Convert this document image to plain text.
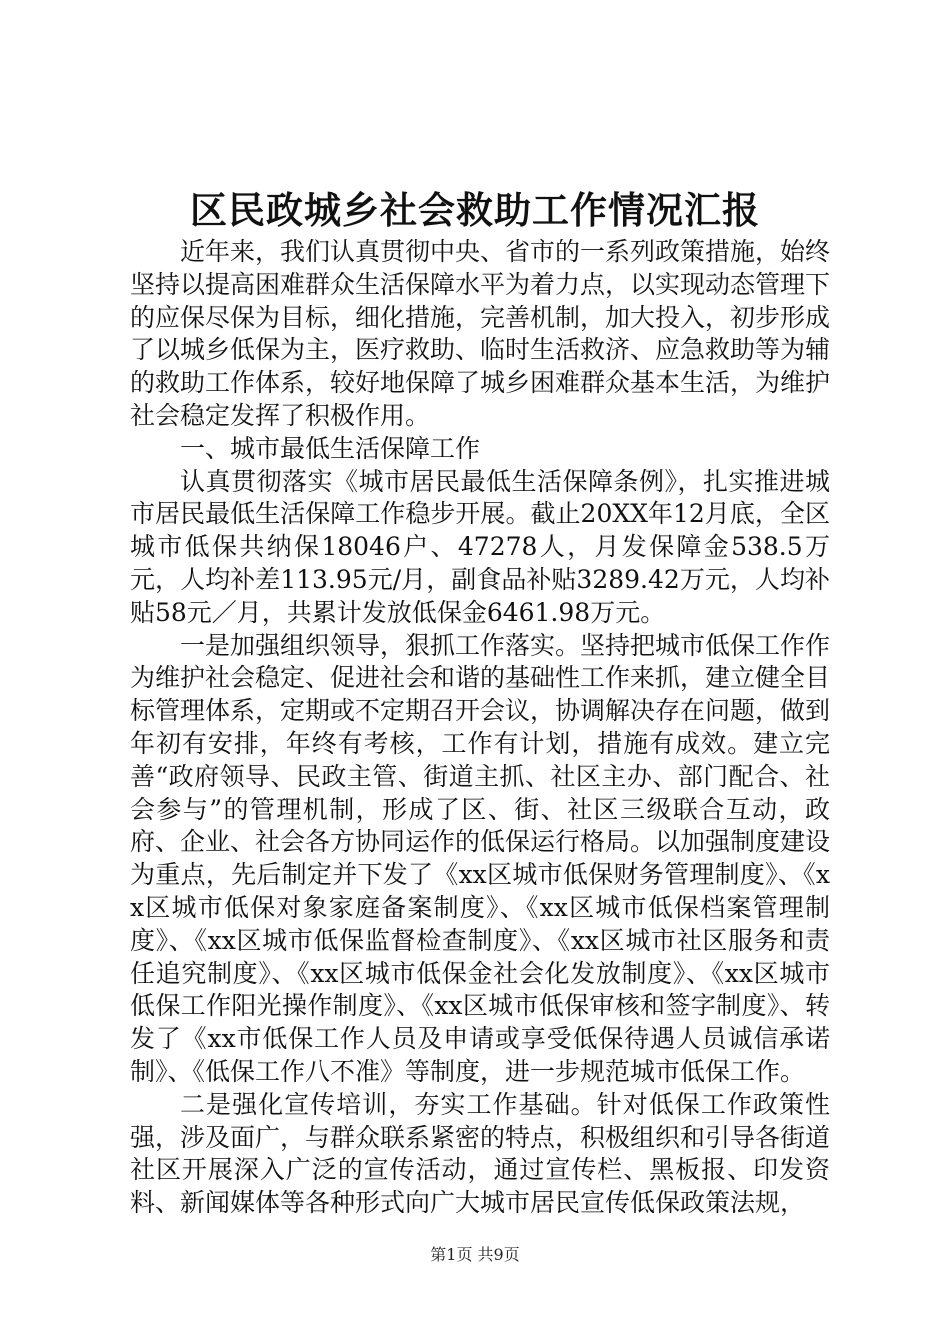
区民政城乡社会救助工作情况汇报

近年来，我们认真贯彻中央、省市的一系列政策措施，始终坚持以提高困难群众生活保障水平为着力点，以实现动态管理下的应保尽保为目标，细化措施，完善机制，加大投入，初步形成了以城乡低保为主，医疗救助、临时生活救济、应急救助等为辅的救助工作体系，较好地保障了城乡困难群众基本生活，为维护社会稳定发挥了积极作用。

一、城市最低生活保障工作

认真贯彻落实《城市居民最低生活保障条例》，扎实推进城市居民最低生活保障工作稳步开展。截止20XX年12月底，全区城市低保共纳保18046户、47278人，月发保障金538.5万元，人均补差113.95元/月，副食品补贴3289.42万元，人均补贴58元／月，共累计发放低保金6461.98万元。

一是加强组织领导，狠抓工作落实。坚持把城市低保工作作为维护社会稳定、促进社会和谐的基础性工作来抓，建立健全目标管理体系，定期或不定期召开会议，协调解决存在问题，做到年初有安排，年终有考核，工作有计划，措施有成效。建立完善“政府领导、民政主管、街道主抓、社区主办、部门配合、社会参与”的管理机制，形成了区、街、社区三级联合互动，政府、企业、社会各方协同运作的低保运行格局。以加强制度建设为重点，先后制定并下发了《xx区城市低保财务管理制度》、《xx区城市低保对象家庭备案制度》、《xx区城市低保档案管理制度》、《xx区城市低保监督检查制度》、《xx区城市社区服务和责任追究制度》、《xx区城市低保金社会化发放制度》、《xx区城市低保工作阳光操作制度》、《xx区城市低保审核和签字制度》、转发了《xx市低保工作人员及申请或享受低保待遇人员诚信承诺制》、《低保工作八不准》等制度，进一步规范城市低保工作。

二是强化宣传培训，夯实工作基础。针对低保工作政策性强，涉及面广，与群众联系紧密的特点，积极组织和引导各街道社区开展深入广泛的宣传活动，通过宣传栏、黑板报、印发资料、新闻媒体等各种形式向广大城市居民宣传低保政策法规，

第1页 共9页
